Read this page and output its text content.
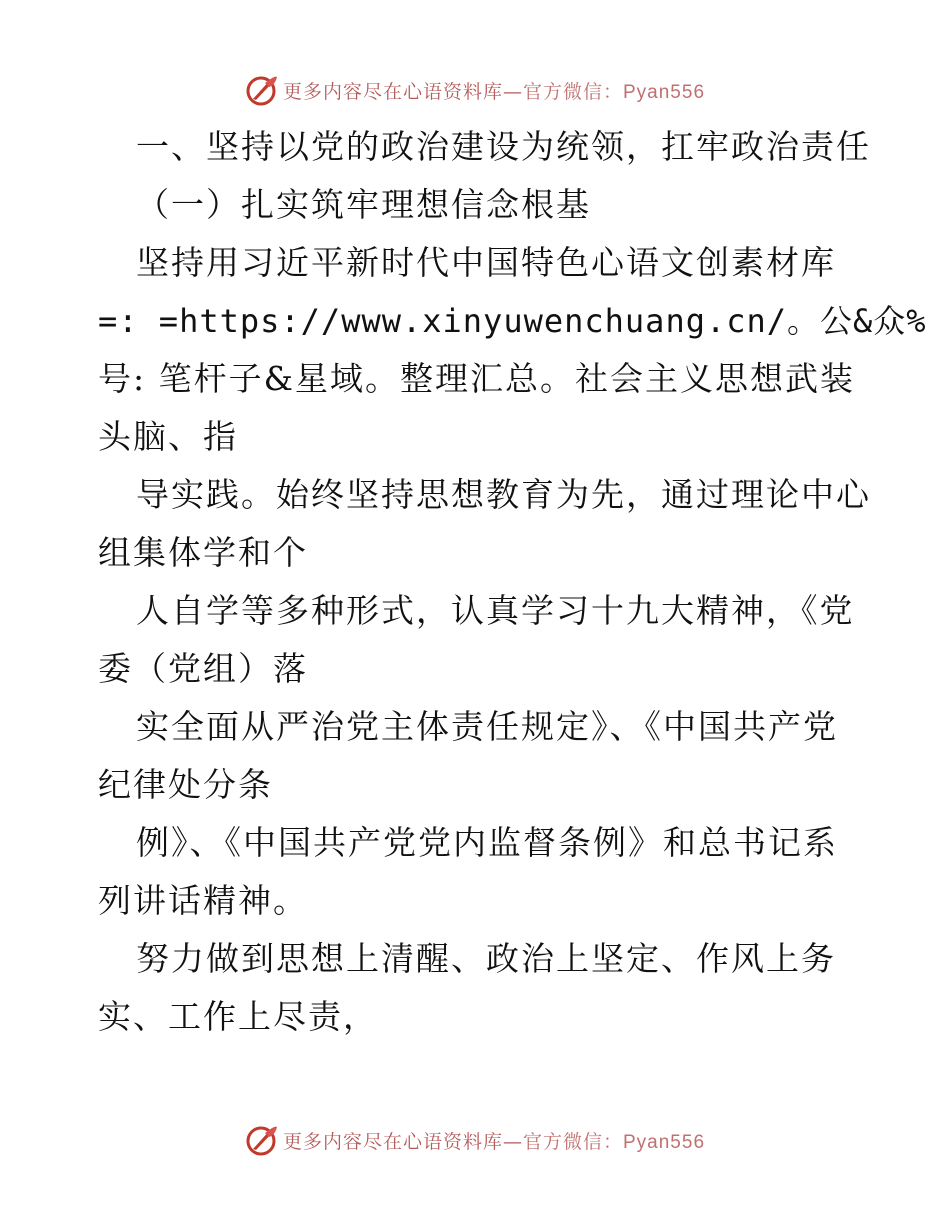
更多内容尽在心语资料库—官方微信：Pyan556
一、坚持以党的政治建设为统领，扛牢政治责任
（一）扎实筑牢理想信念根基
坚持用习近平新时代中国特色心语文创素材库
=: =https://www.xinyuwenchuang.cn/。公&众%
号: 笔杆子&星域。整理汇总。社会主义思想武装
头脑、指
导实践。始终坚持思想教育为先，通过理论中心
组集体学和个
人自学等多种形式，认真学习十九大精神，《党
委（党组）落
实全面从严治党主体责任规定》、《中国共产党
纪律处分条
例》、《中国共产党党内监督条例》和总书记系
列讲话精神。
努力做到思想上清醒、政治上坚定、作风上务
实、工作上尽责，
更多内容尽在心语资料库—官方微信：Pyan556
